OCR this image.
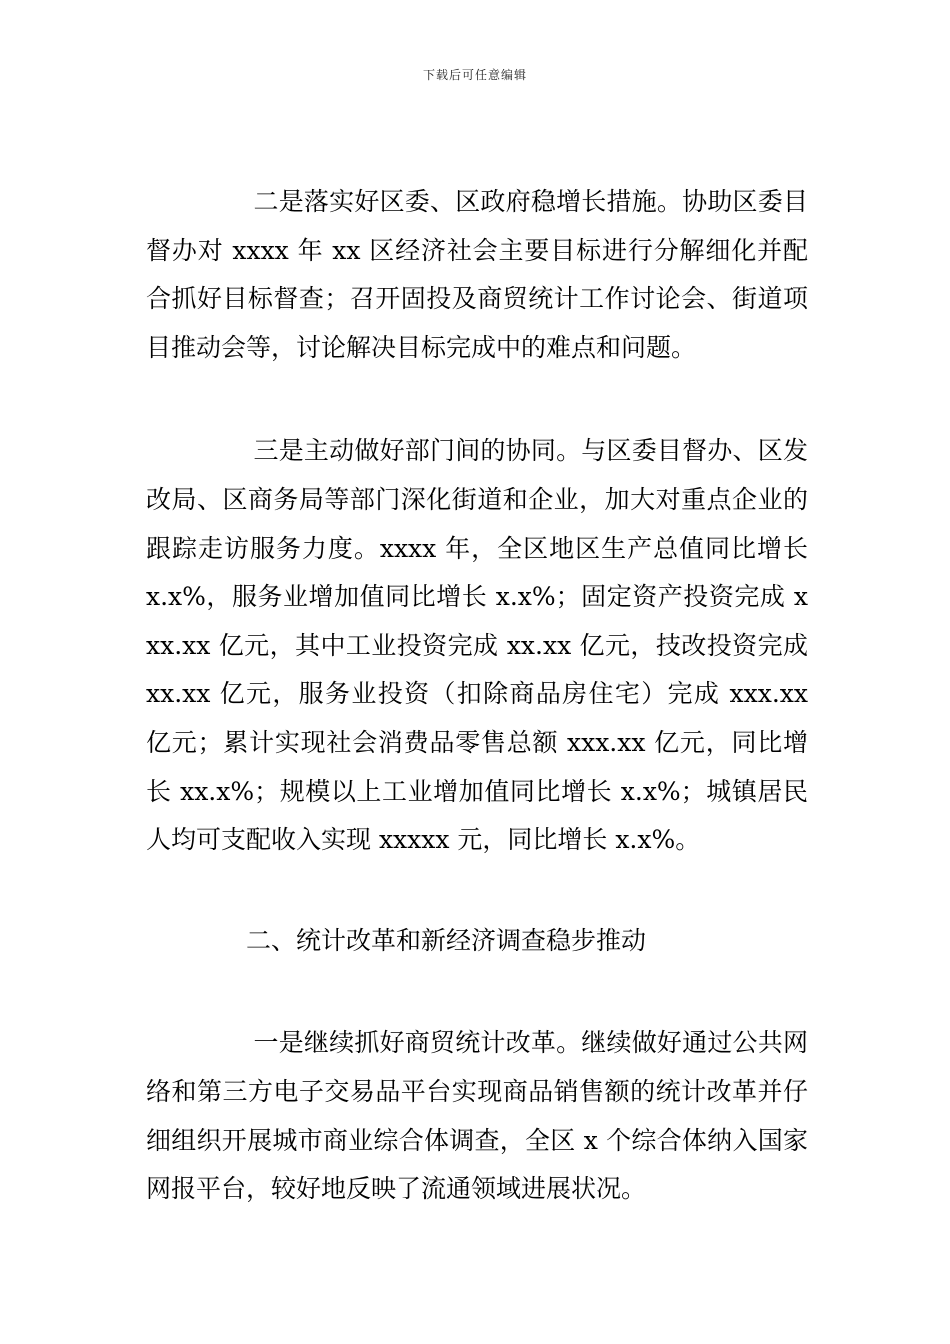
下载后可任意编辑

二是落实好区委、区政府稳增长措施。协助区委目督办对 xxxx 年 xx 区经济社会主要目标进行分解细化并配合抓好目标督查；召开固投及商贸统计工作讨论会、街道项目推动会等，讨论解决目标完成中的难点和问题。

三是主动做好部门间的协同。与区委目督办、区发改局、区商务局等部门深化街道和企业，加大对重点企业的跟踪走访服务力度。xxxx 年，全区地区生产总值同比增长 x.x%，服务业增加值同比增长 x.x%；固定资产投资完成 xxx.xx 亿元，其中工业投资完成 xx.xx 亿元，技改投资完成 xx.xx 亿元，服务业投资（扣除商品房住宅）完成 xxx.xx 亿元；累计实现社会消费品零售总额 xxx.xx 亿元，同比增长 xx.x%；规模以上工业增加值同比增长 x.x%；城镇居民人均可支配收入实现 xxxxx 元，同比增长 x.x%。

二、统计改革和新经济调查稳步推动

一是继续抓好商贸统计改革。继续做好通过公共网络和第三方电子交易品平台实现商品销售额的统计改革并仔细组织开展城市商业综合体调查，全区 x 个综合体纳入国家网报平台，较好地反映了流通领域进展状况。
